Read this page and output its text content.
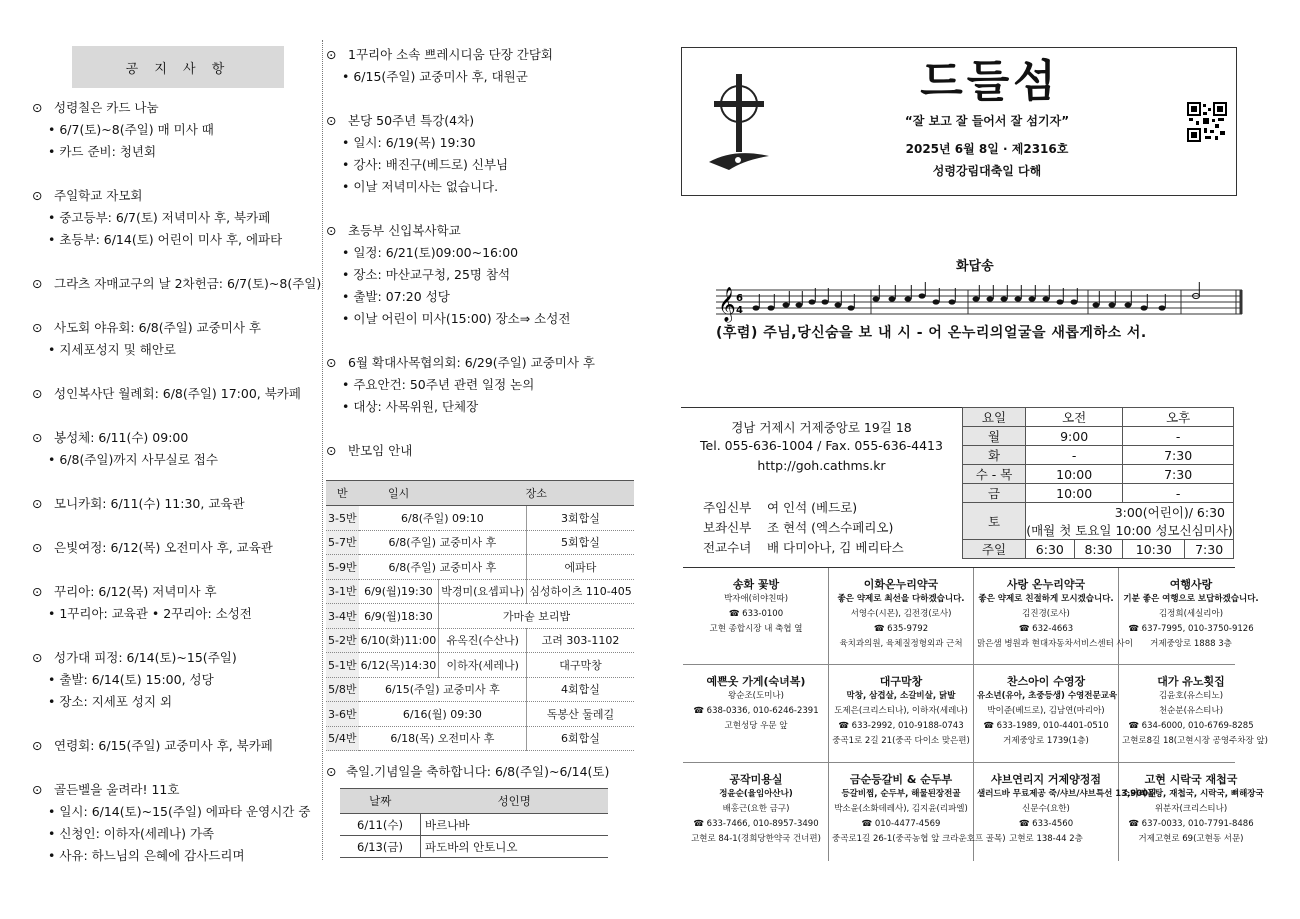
공 지 사 항
⊙ 성령칠은 카드 나눔
• 6/7(토)~8(주일) 매 미사 때
• 카드 준비: 청년회
⊙ 주일학교 자모회
• 중고등부: 6/7(토) 저녁미사 후, 북카페
• 초등부: 6/14(토) 어린이 미사 후, 에파타
⊙ 그라츠 자매교구의 날 2차헌금: 6/7(토)~8(주일)
⊙ 사도회 야유회: 6/8(주일) 교중미사 후
• 지세포성지 및 해안로
⊙ 성인복사단 월례회: 6/8(주일) 17:00, 북카페
⊙ 봉성체: 6/11(수) 09:00
• 6/8(주일)까지 사무실로 접수
⊙ 모니카회: 6/11(수) 11:30, 교육관
⊙ 은빛여정: 6/12(목) 오전미사 후, 교육관
⊙ 꾸리아: 6/12(목) 저녁미사 후
• 1꾸리아: 교육관 • 2꾸리아: 소성전
⊙ 성가대 피정: 6/14(토)~15(주일)
• 출발: 6/14(토) 15:00, 성당
• 장소: 지세포 성지 외
⊙ 연령회: 6/15(주일) 교중미사 후, 북카페
⊙ 골든벨을 울려라! 11호
• 일시: 6/14(토)~15(주일) 에파타 운영시간 중
• 신청인: 이하자(세레나) 가족
• 사유: 하느님의 은혜에 감사드리며
⊙ 1꾸리아 소속 쁘레시디움 단장 간담회
• 6/15(주일) 교중미사 후, 대원군
⊙ 본당 50주년 특강(4차)
• 일시: 6/19(목) 19:30
• 강사: 배진구(베드로) 신부님
• 이날 저녁미사는 없습니다.
⊙ 초등부 신입복사학교
• 일정: 6/21(토)09:00~16:00
• 장소: 마산교구청, 25명 참석
• 출발: 07:20 성당
• 이날 어린이 미사(15:00) 장소⇒ 소성전
⊙ 6월 확대사목협의회: 6/29(주일) 교중미사 후
• 주요안건: 50주년 관련 일정 논의
• 대상: 사목위원, 단체장
⊙ 반모임 안내
반	일시	장소	
3-5반	6/8(주일) 09:10		3회합실
5-7반	6/8(주일) 교중미사 후		5회합실
5-9반	6/8(주일) 교중미사 후		에파타
3-1반	6/9(월)19:30	박경미(요셉피나)	심성하이츠 110-405
3-4반	6/9(월)18:30	가마솥 보리밥	
5-2반	6/10(화)11:00	유옥진(수산나)	고려 303-1102
5-1반	6/12(목)14:30	이하자(세레나)	대구막창
5/8반	6/15(주일) 교중미사 후		4회합실
3-6반	6/16(월) 09:30		독봉산 둘레길
5/4반	6/18(목) 오전미사 후		6회합실
⊙ 축일.기념일을 축하합니다: 6/8(주일)~6/14(토)
날짜	성인명
6/11(수)	바르나바
6/13(금)	파도바의 안토니오
드들섬
“잘 보고 잘 들어서 잘 섬기자”
2025년 6월 8일 · 제2316호
성령강림대축일 다해
화답송
𝄞 6
4
(후렴) 주님,당신숨을 보 내 시 - 어 온누리의얼굴을 새롭게하소 서.
경남 거제시 거제중앙로 19길 18
Tel. 055-636-1004 / Fax. 055-636-4413
http://goh.cathms.kr
주임신부 여 인석 (베드로)
보좌신부 조 현석 (엑스수페리오)
전교수녀 배 다미아나, 김 베리타스
요일	오전		오후	
월	9:00		-	
화	-		7:30	
수 - 목	10:00		7:30	
금	10:00		-	
토	3:00(어린이)/ 6:30			
	(매월 첫 토요일 10:00 성모신심미사)			
주일	6:30	8:30	10:30	7:30
송화 꽃방
박자애(히야친따)
☎ 633-0100
고현 종합시장 내 축협 옆
이화온누리약국
좋은 약제로 최선을 다하겠습니다.
서영수(시몬), 김전경(로사)
☎ 635-9792
육치과의원, 육체질정형외과 근처
사랑 온누리약국
좋은 약제로 친절하게 모시겠습니다.
김진경(로사)
☎ 632-4663
맑은샘 병원과 현대자동차서비스센터 사이
여행사랑
기분 좋은 여행으로 보답하겠습니다.
김정희(세실리아)
☎ 637-7995, 010-3750-9126
거제중앙로 1888 3층
예쁜옷 가게(숙녀복)
왕순조(도미나)
☎ 638-0336, 010-6246-2391
고현성당 우문 앞
대구막창
막창, 삼겹살, 소갈비살, 닭발
도제은(크리스티나), 이하자(세레나)
☎ 633-2992, 010-9188-0743
중곡1로 2길 21(중곡 다이소 맞은편)
찬스아이 수영장
유소년(유아, 초중등생) 수영전문교육
박이준(베드로), 김남연(마리아)
☎ 633-1989, 010-4401-0510
거제중앙로 1739(1층)
대가 유노횟집
김윤호(유스티노)
천순분(유스티나)
☎ 634-6000, 010-6769-8285
고현로8길 18(고현시장 공영주차장 앞)
공작미용실
정윤순(율임아산나)
배홍근(요한 금구)
☎ 633-7466, 010-8957-3490
고현로 84-1(경희당한약국 건너편)
금순등갈비 & 순두부
등갈비찜, 순두부, 해물된장전골
박소윤(소화데레사), 김지윤(리파엘)
☎ 010-4477-4569
중곡로1길 26-1(중곡농협 앞 크라운호프 골목)
샤브연리지 거제양정점
샐러드바 무료제공 죽/샤브/샤브특선 13,900원
신문수(요한)
☎ 633-4560
고현로 138-44 2층
고현 시락국 재첩국
소머리곰탕, 재첩국, 시락국, 뼈해장국
위분자(크리스티나)
☎ 637-0033, 010-7791-8486
거제고현로 69(고현동 서문)
